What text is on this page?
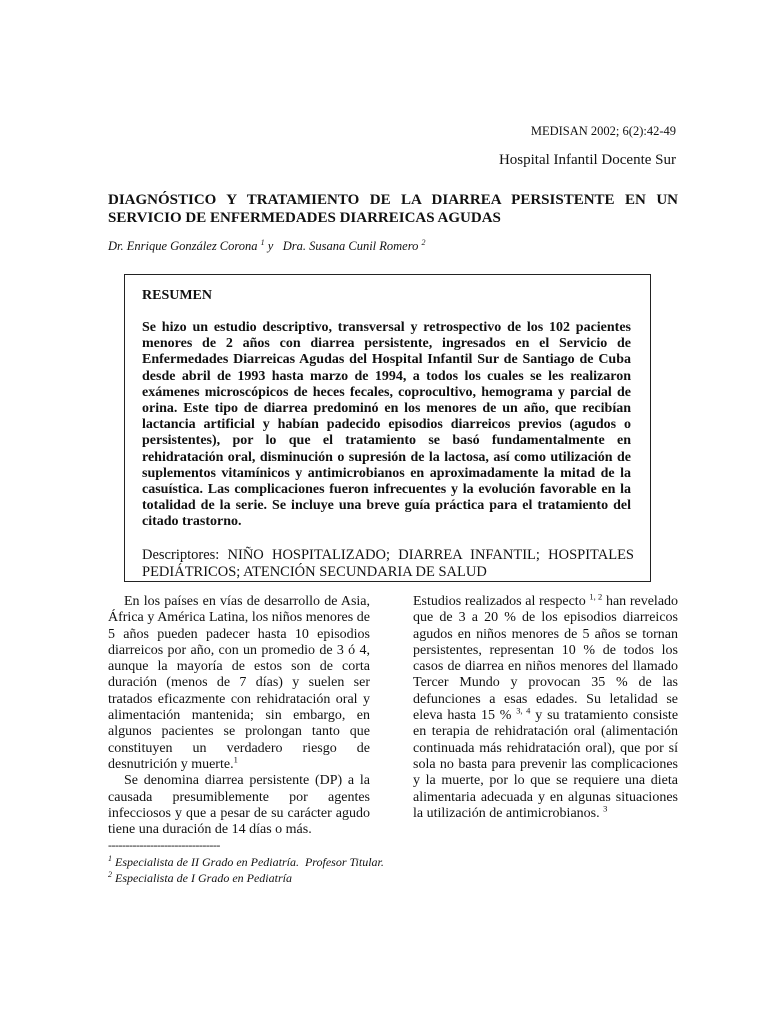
MEDISAN 2002; 6(2):42-49
Hospital Infantil Docente Sur
DIAGNÓSTICO Y TRATAMIENTO DE LA DIARREA PERSISTENTE EN UN SERVICIO DE ENFERMEDADES DIARREICAS AGUDAS
Dr. Enrique González Corona $^1$ y   Dra. Susana Cunil Romero $^2$
RESUMEN
Se hizo un estudio descriptivo, transversal y retrospectivo de los 102 pacientes menores de 2 años con diarrea persistente, ingresados en el Servicio de Enfermedades Diarreicas Agudas del Hospital Infantil Sur de Santiago de Cuba desde abril de 1993 hasta marzo de 1994, a todos los cuales se les realizaron exámenes microscópicos de heces fecales, coprocultivo, hemograma y parcial de orina. Este tipo de diarrea predominó en los menores de un año, que recibían lactancia artificial y habían padecido episodios diarreicos previos (agudos o persistentes), por lo que el tratamiento se basó fundamentalmente en rehidratación oral, disminución o supresión de la lactosa, así como utilización de suplementos vitamínicos y antimicrobianos en aproximadamente la mitad de la casuística. Las complicaciones fueron infrecuentes y la evolución favorable en la totalidad de la serie. Se incluye una breve guía práctica para el tratamiento del citado trastorno.
Descriptores: NIÑO HOSPITALIZADO; DIARREA INFANTIL; HOSPITALES PEDIÁTRICOS; ATENCIÓN SECUNDARIA DE SALUD

En los países en vías de desarrollo de Asia, África y América Latina, los niños menores de 5 años pueden padecer hasta 10 episodios diarreicos por año, con un promedio de 3 ó 4, aunque la mayoría de estos son de corta duración (menos de 7 días) y suelen ser tratados eficazmente con rehidratación oral y alimentación mantenida; sin embargo, en algunos pacientes se prolongan tanto que constituyen un verdadero riesgo de desnutrición y muerte.$^1$

Se denomina diarrea persistente (DP) a la causada presumiblemente por agentes infecciosos y que a pesar de su carácter agudo tiene una duración de 14 días o más.

Estudios realizados al respecto $^{1, 2}$ han revelado que de 3 a 20 % de los episodios diarreicos agudos en niños menores de 5 años se tornan persistentes, representan 10 % de todos los casos de diarrea en niños menores del llamado Tercer Mundo y provocan 35 % de las defunciones a esas edades. Su letalidad se eleva hasta 15 % $^{3, 4}$ y su tratamiento consiste en terapia de rehidratación oral (alimentación continuada más rehidratación oral), que por sí sola no basta para prevenir las complicaciones y la muerte, por lo que se requiere una dieta alimentaria adecuada y en algunas situaciones la utilización de antimicrobianos. $^3$

--------------------------------
$^1$ Especialista de II Grado en Pediatría.  Profesor Titular.
$^2$ Especialista de I Grado en Pediatría
